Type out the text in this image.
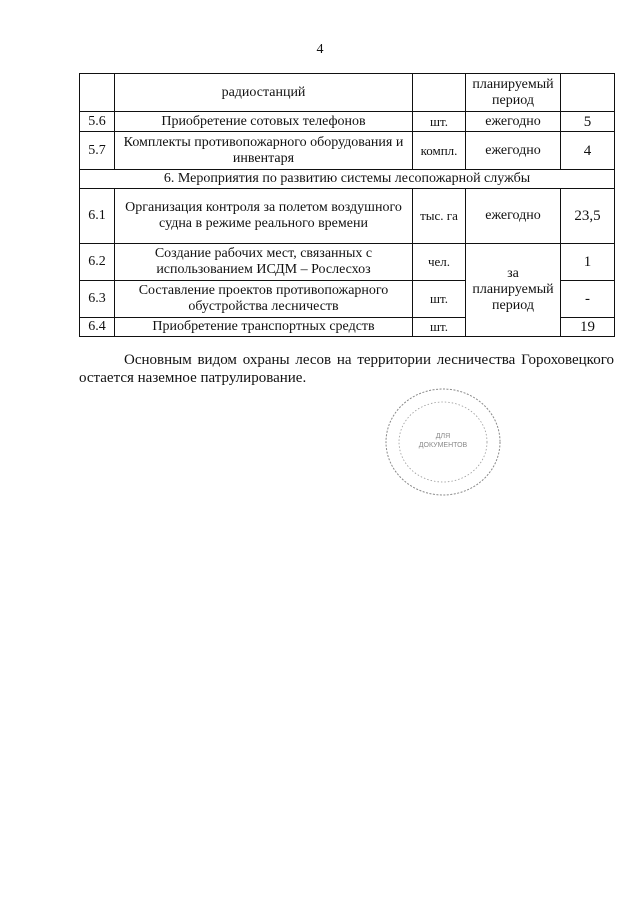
4
	радиостанций		планируемый период	
5.6	Приобретение сотовых телефонов	шт.	ежегодно	5
5.7	Комплекты противопожарного оборудования и инвентаря	компл.	ежегодно	4
6. Мероприятия по развитию системы лесопожарной службы				
6.1	Организация контроля за полетом воздушного судна в режиме реального времени	тыс. га	ежегодно	23,5
6.2	Создание рабочих мест, связанных с использованием ИСДМ – Рослесхоз	чел.	за планируемый период	1
6.3	Составление проектов противопожарного обустройства лесничеств	шт.		-
6.4	Приобретение транспортных средств	шт.		19

Основным видом охраны лесов на территории лесничества Гороховецкого остается наземное патрулирование.

ДЛЯ
ДОКУМЕНТОВ
